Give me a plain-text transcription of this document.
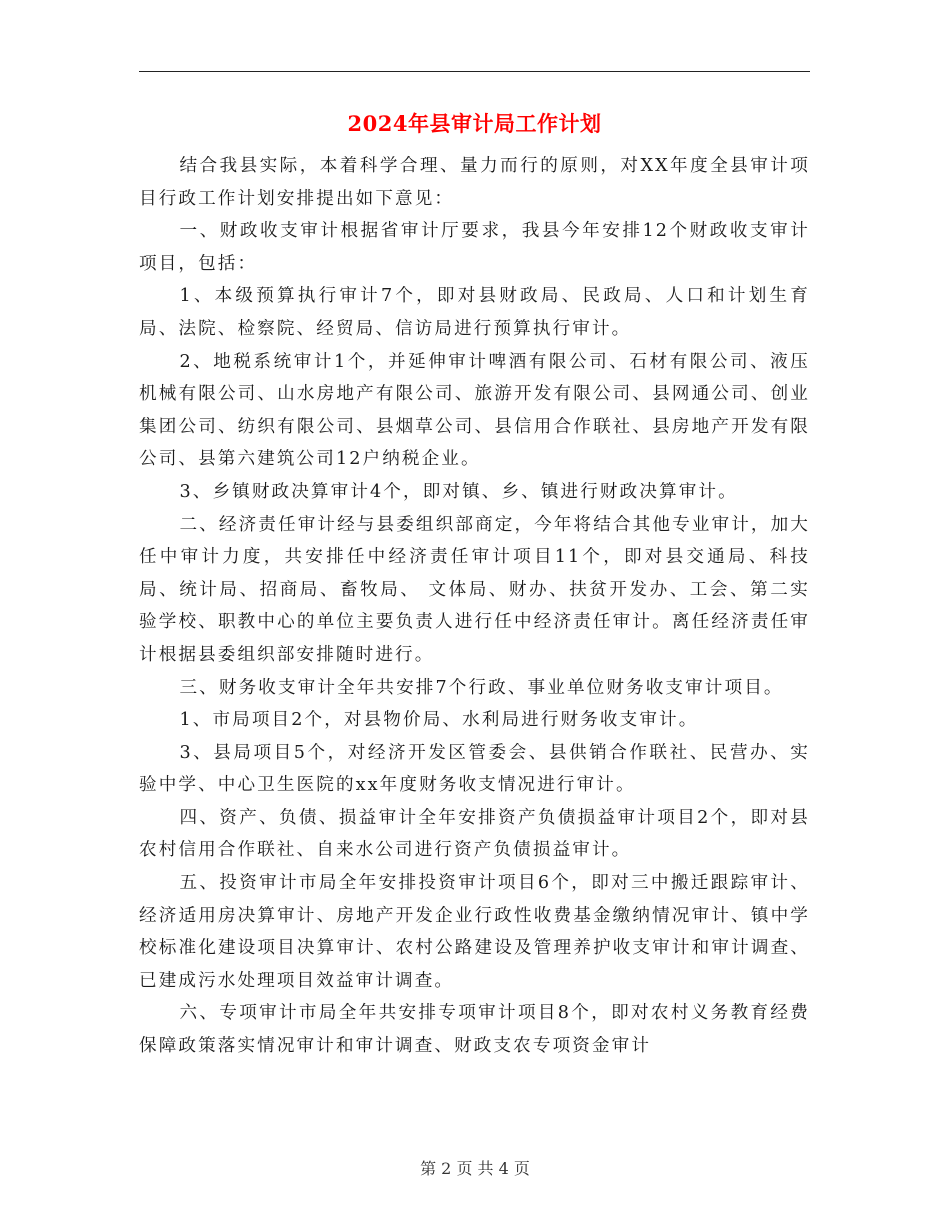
2024年县审计局工作计划

结合我县实际，本着科学合理、量力而行的原则，对XX年度全县审计项目行政工作计划安排提出如下意见：

一、财政收支审计根据省审计厅要求，我县今年安排12个财政收支审计项目，包括：

1、本级预算执行审计7个，即对县财政局、民政局、人口和计划生育局、法院、检察院、经贸局、信访局进行预算执行审计。

2、地税系统审计1个，并延伸审计啤酒有限公司、石材有限公司、液压机械有限公司、山水房地产有限公司、旅游开发有限公司、县网通公司、创业集团公司、纺织有限公司、县烟草公司、县信用合作联社、县房地产开发有限公司、县第六建筑公司12户纳税企业。

3、乡镇财政决算审计4个，即对镇、乡、镇进行财政决算审计。

二、经济责任审计经与县委组织部商定，今年将结合其他专业审计，加大任中审计力度，共安排任中经济责任审计项目11个，即对县交通局、科技局、统计局、招商局、畜牧局、 文体局、财办、扶贫开发办、工会、第二实验学校、职教中心的单位主要负责人进行任中经济责任审计。离任经济责任审计根据县委组织部安排随时进行。

三、财务收支审计全年共安排7个行政、事业单位财务收支审计项目。

1、市局项目2个，对县物价局、水利局进行财务收支审计。

3、县局项目5个，对经济开发区管委会、县供销合作联社、民营办、实验中学、中心卫生医院的xx年度财务收支情况进行审计。

四、资产、负债、损益审计全年安排资产负债损益审计项目2个，即对县农村信用合作联社、自来水公司进行资产负债损益审计。

五、投资审计市局全年安排投资审计项目6个，即对三中搬迁跟踪审计、经济适用房决算审计、房地产开发企业行政性收费基金缴纳情况审计、镇中学校标准化建设项目决算审计、农村公路建设及管理养护收支审计和审计调查、已建成污水处理项目效益审计调查。

六、专项审计市局全年共安排专项审计项目8个，即对农村义务教育经费保障政策落实情况审计和审计调查、财政支农专项资金审计

第 2 页 共 4 页
